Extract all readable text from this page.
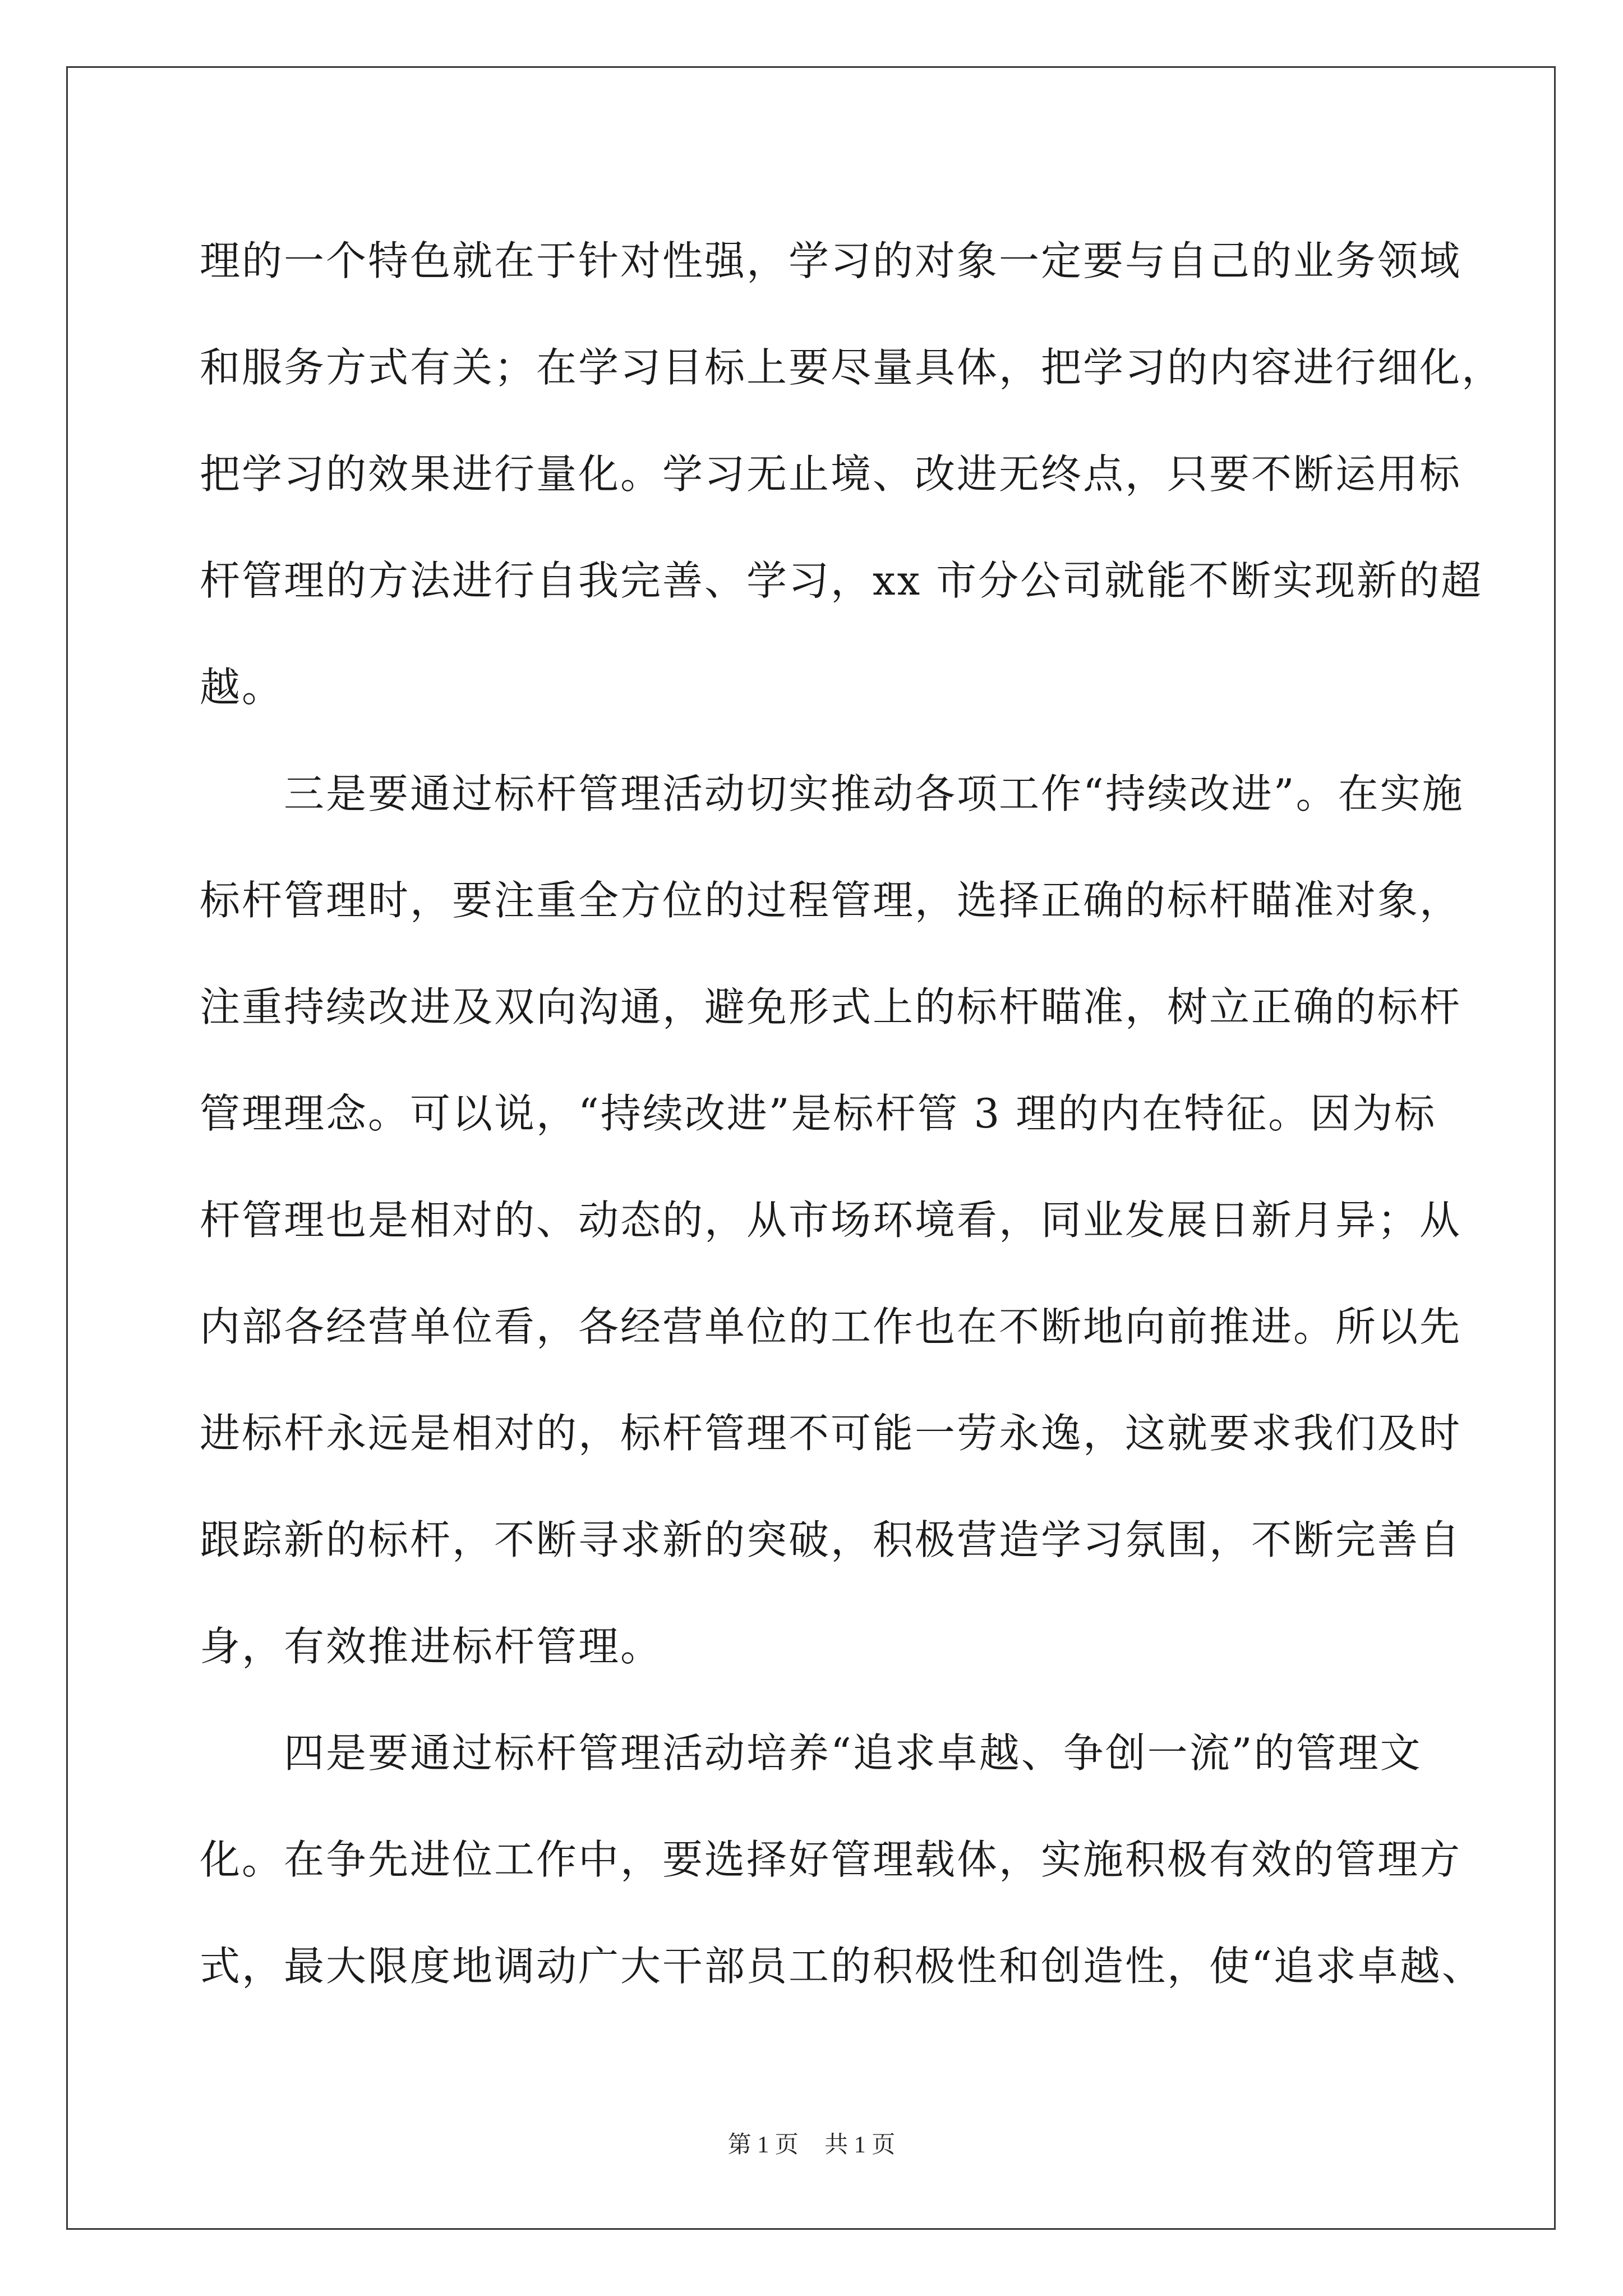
理的一个特色就在于针对性强，学习的对象一定要与自己的业务领域
和服务方式有关；在学习目标上要尽量具体，把学习的内容进行细化，
把学习的效果进行量化。学习无止境、改进无终点，只要不断运用标
杆管理的方法进行自我完善、学习，xx 市分公司就能不断实现新的超
越。
　　三是要通过标杆管理活动切实推动各项工作“持续改进”。在实施
标杆管理时，要注重全方位的过程管理，选择正确的标杆瞄准对象，
注重持续改进及双向沟通，避免形式上的标杆瞄准，树立正确的标杆
管理理念。可以说，“持续改进”是标杆管 3 理的内在特征。因为标
杆管理也是相对的、动态的，从市场环境看，同业发展日新月异；从
内部各经营单位看，各经营单位的工作也在不断地向前推进。所以先
进标杆永远是相对的，标杆管理不可能一劳永逸，这就要求我们及时
跟踪新的标杆，不断寻求新的突破，积极营造学习氛围，不断完善自
身，有效推进标杆管理。
　　四是要通过标杆管理活动培养“追求卓越、争创一流”的管理文
化。在争先进位工作中，要选择好管理载体，实施积极有效的管理方
式，最大限度地调动广大干部员工的积极性和创造性，使“追求卓越、
第 1 页 共 1 页
